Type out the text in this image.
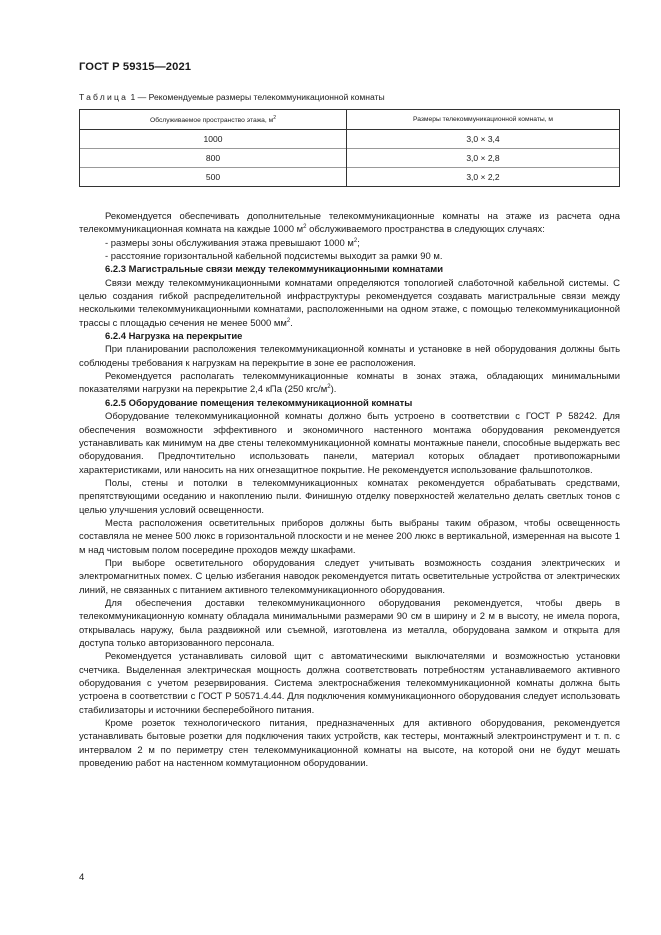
ГОСТ Р 59315—2021
Таблица 1 — Рекомендуемые размеры телекоммуникационной комнаты
Обслуживаемое пространство этажа, $м^2$	Размеры телекоммуникационной комнаты, м
1000	3,0 × 3,4
800	3,0 × 2,8
500	3,0 × 2,2

Рекомендуется обеспечивать дополнительные телекоммуникационные комнаты на этаже из расчета одна телекоммуникационная комната на каждые 1000 $м^2$ обслуживаемого пространства в следующих случаях:

- размеры зоны обслуживания этажа превышают 1000 $м^2$;

- расстояние горизонтальной кабельной подсистемы выходит за рамки 90 м.

6.2.3 Магистральные связи между телекоммуникационными комнатами

Связи между телекоммуникационными комнатами определяются топологией слаботочной кабельной системы. С целью создания гибкой распределительной инфраструктуры рекомендуется создавать магистральные связи между несколькими телекоммуникационными комнатами, расположенными на одном этаже, с помощью телекоммуникационной трассы с площадью сечения не менее 5000 $мм^2$.

6.2.4 Нагрузка на перекрытие

При планировании расположения телекоммуникационной комнаты и установке в ней оборудования должны быть соблюдены требования к нагрузкам на перекрытие в зоне ее расположения.

Рекомендуется располагать телекоммуникационные комнаты в зонах этажа, обладающих минимальными показателями нагрузки на перекрытие 2,4 кПа (250 кгс/$м^2$).

6.2.5 Оборудование помещения телекоммуникационной комнаты

Оборудование телекоммуникационной комнаты должно быть устроено в соответствии с ГОСТ Р 58242. Для обеспечения возможности эффективного и экономичного настенного монтажа оборудования рекомендуется устанавливать как минимум на две стены телекоммуникационной комнаты монтажные панели, способные выдержать вес оборудования. Предпочтительно использовать панели, материал которых обладает противопожарными характеристиками, или наносить на них огнезащитное покрытие. Не рекомендуется использование фальшпотолков.

Полы, стены и потолки в телекоммуникационных комнатах рекомендуется обрабатывать средствами, препятствующими оседанию и накоплению пыли. Финишную отделку поверхностей желательно делать светлых тонов с целью улучшения условий освещенности.

Места расположения осветительных приборов должны быть выбраны таким образом, чтобы освещенность составляла не менее 500 люкс в горизонтальной плоскости и не менее 200 люкс в вертикальной, измеренная на высоте 1 м над чистовым полом посередине проходов между шкафами.

При выборе осветительного оборудования следует учитывать возможность создания электрических и электромагнитных помех. С целью избегания наводок рекомендуется питать осветительные устройства от электрических линий, не связанных с питанием активного телекоммуникационного оборудования.

Для обеспечения доставки телекоммуникационного оборудования рекомендуется, чтобы дверь в телекоммуникационную комнату обладала минимальными размерами 90 см в ширину и 2 м в высоту, не имела порога, открывалась наружу, была раздвижной или съемной, изготовлена из металла, оборудована замком и открыта для доступа только авторизованного персонала.

Рекомендуется устанавливать силовой щит с автоматическими выключателями и возможностью установки счетчика. Выделенная электрическая мощность должна соответствовать потребностям устанавливаемого активного оборудования с учетом резервирования. Система электроснабжения телекоммуникационной комнаты должна быть устроена в соответствии с ГОСТ Р 50571.4.44. Для подключения коммуникационного оборудования следует использовать стабилизаторы и источники бесперебойного питания.

Кроме розеток технологического питания, предназначенных для активного оборудования, рекомендуется устанавливать бытовые розетки для подключения таких устройств, как тестеры, монтажный электроинструмент и т. п. с интервалом 2 м по периметру стен телекоммуникационной комнаты на высоте, на которой они не будут мешать проведению работ на настенном коммутационном оборудовании.

4
